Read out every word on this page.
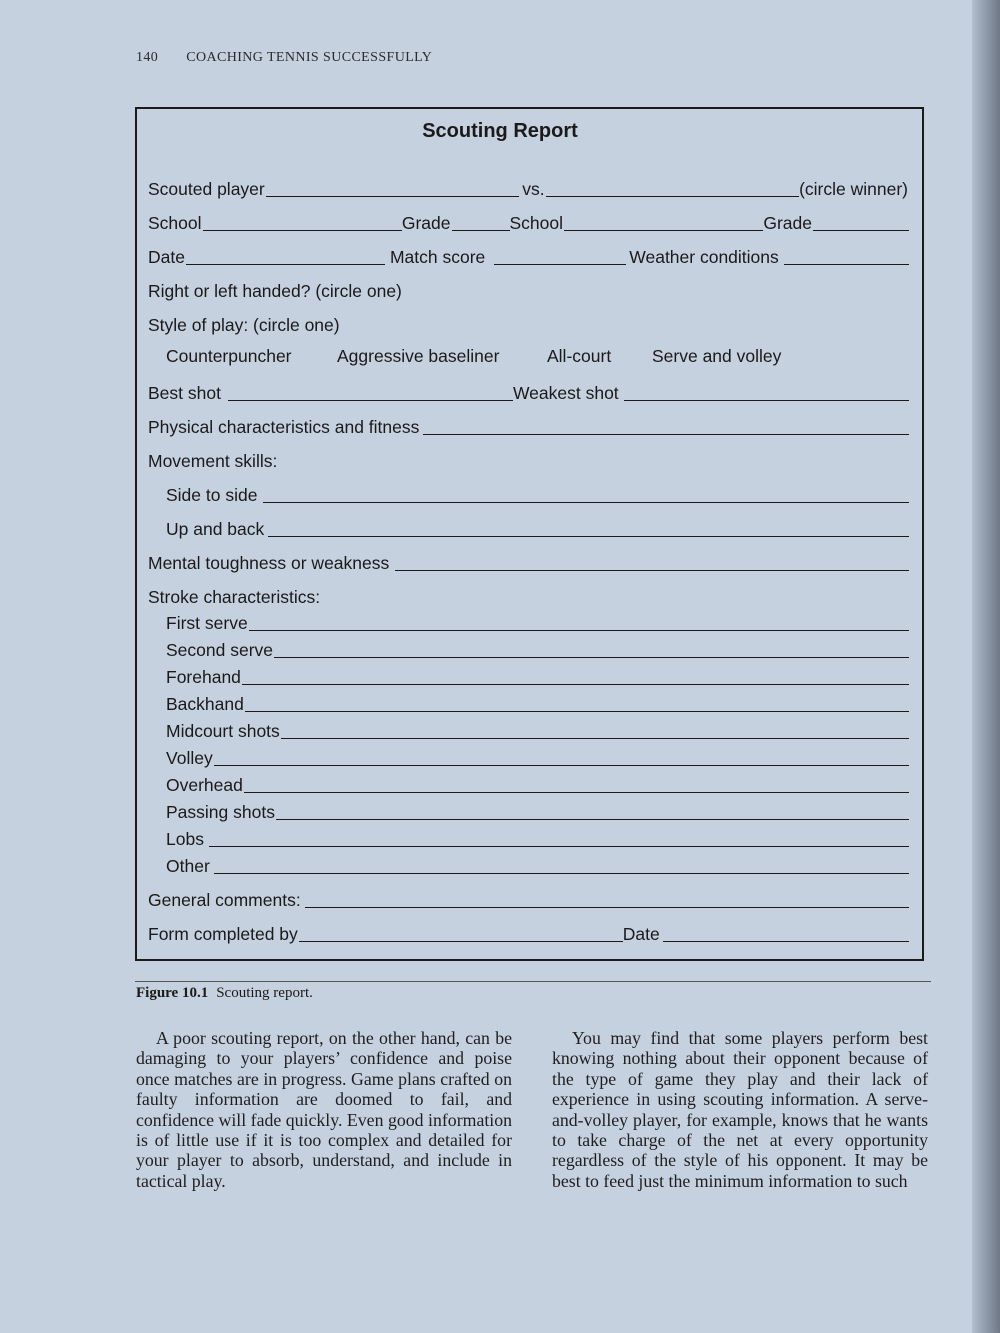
140 COACHING TENNIS SUCCESSFULLY
Scouting Report
Scouted player	vs.	(circle winner)
School	Grade	School	Grade
Date	Match score	Weather conditions
Right or left handed? (circle one)
Style of play: (circle one)
Counterpuncher	Aggressive baseliner	All-court Serve and volley
Best shot	Weakest shot
Physical characteristics and fitness
Movement skills:
Side to side
Up and back
Mental toughness or weakness
Stroke characteristics:
First serve
Second serve
Forehand
Backhand
Midcourt shots
Volley
Overhead
Passing shots
Lobs
Other
General comments:
Form completed by	Date
Figure 10.1 Scouting report.

A poor scouting report, on the other hand, can be damaging to your players’ confidence and poise once matches are in progress. Game plans crafted on faulty information are doomed to fail, and confidence will fade quickly. Even good information is of little use if it is too complex and detailed for your player to absorb, understand, and include in tactical play.

You may find that some players perform best knowing nothing about their opponent because of the type of game they play and their lack of experience in using scouting information. A serve-and-volley player, for example, knows that he wants to take charge of the net at every opportunity regardless of the style of his opponent. It may be best to feed just the minimum information to such
